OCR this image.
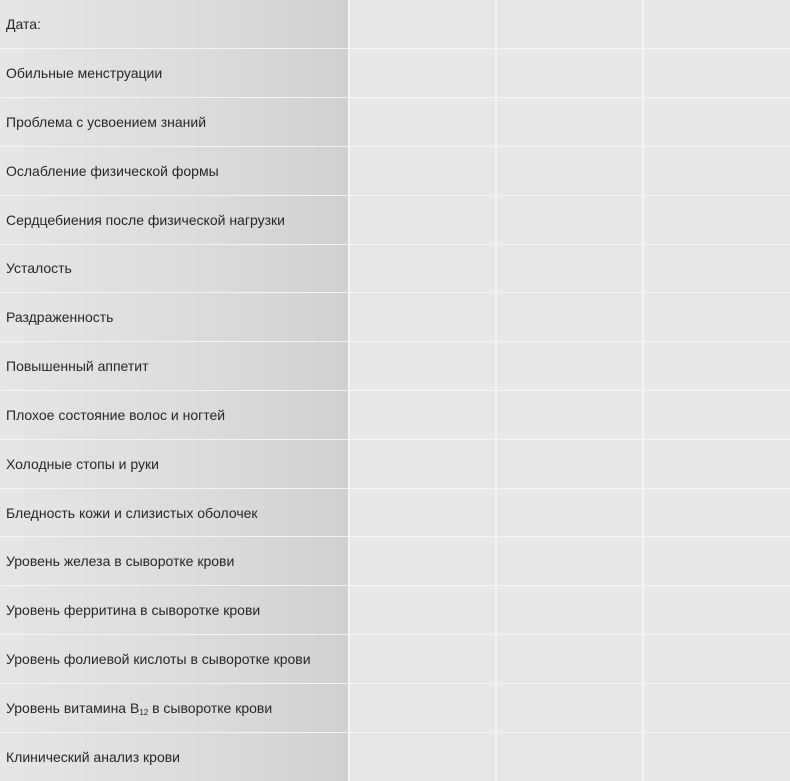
Дата:			
Обильные менструации			
Проблема с усвоением знаний			
Ослабление физической формы			
Сердцебиения после физической нагрузки			
Усталость			
Раздраженность			
Повышенный аппетит			
Плохое состояние волос и ногтей			
Холодные стопы и руки			
Бледность кожи и слизистых оболочек			
Уровень железа в сыворотке крови			
Уровень ферритина в сыворотке крови			
Уровень фолиевой кислоты в сыворотке крови			
Уровень витамина $B_{12}$ в сыворотке крови			
Клинический анализ крови			
